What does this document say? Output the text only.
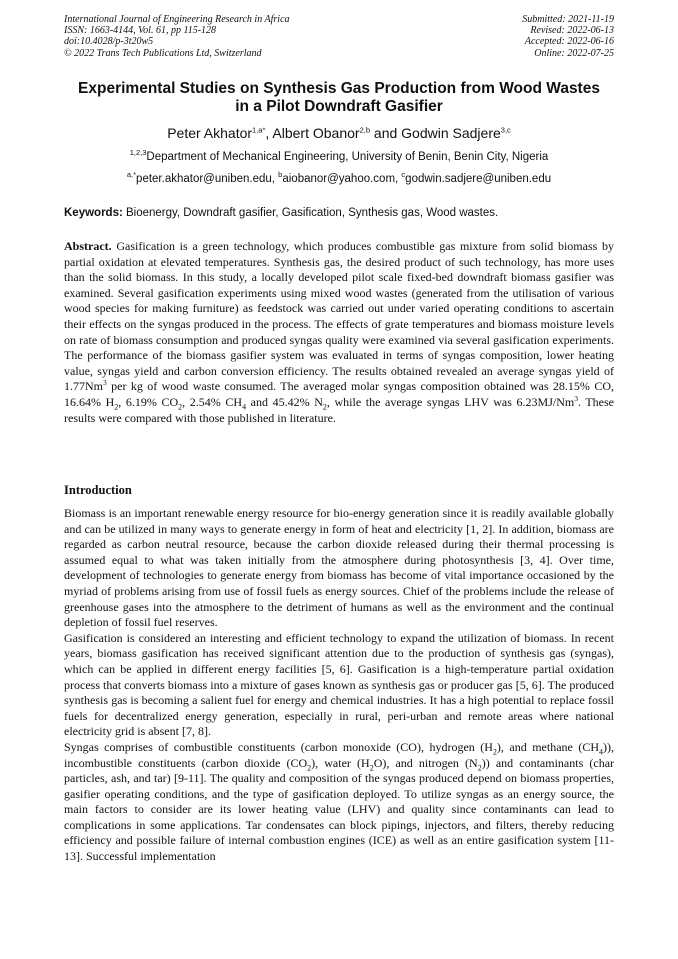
International Journal of Engineering Research in Africa
ISSN: 1663-4144, Vol. 61, pp 115-128
doi:10.4028/p-3t20w5
© 2022 Trans Tech Publications Ltd, Switzerland
Submitted: 2021-11-19
Revised: 2022-06-13
Accepted: 2022-06-16
Online: 2022-07-25
Experimental Studies on Synthesis Gas Production from Wood Wastes
in a Pilot Downdraft Gasifier
Peter Akhator$^{1,a*}$, Albert Obanor$^{2,b}$ and Godwin Sadjere$^{3,c}$
$^{1,2,3}$Department of Mechanical Engineering, University of Benin, Benin City, Nigeria
$^{a,*}$peter.akhator@uniben.edu, $^b$aiobanor@yahoo.com, $^c$godwin.sadjere@uniben.edu
Keywords: Bioenergy, Downdraft gasifier, Gasification, Synthesis gas, Wood wastes.
Abstract. Gasification is a green technology, which produces combustible gas mixture from solid biomass by partial oxidation at elevated temperatures. Synthesis gas, the desired product of such technology, has more uses than the solid biomass. In this study, a locally developed pilot scale fixed-bed downdraft biomass gasifier was examined. Several gasification experiments using mixed wood wastes (generated from the utilisation of various wood species for making furniture) as feedstock was carried out under varied operating conditions to ascertain their effects on the syngas produced in the process. The effects of grate temperatures and biomass moisture levels on rate of biomass consumption and produced syngas quality were examined via several gasification experiments. The performance of the biomass gasifier system was evaluated in terms of syngas composition, lower heating value, syngas yield and carbon conversion efficiency. The results obtained revealed an average syngas yield of 1.77Nm$^3$ per kg of wood waste consumed. The averaged molar syngas composition obtained was 28.15% CO, 16.64% $H_2$, 6.19% $CO_2$, 2.54% $CH_4$ and 45.42% $N_2$, while the average syngas LHV was 6.23MJ/Nm$^3$. These results were compared with those published in literature.
Introduction

Biomass is an important renewable energy resource for bio-energy generation since it is readily available globally and can be utilized in many ways to generate energy in form of heat and electricity [1, 2]. In addition, biomass are regarded as carbon neutral resource, because the carbon dioxide released during their thermal processing is assumed equal to what was taken initially from the atmosphere during photosynthesis [3, 4]. Over time, development of technologies to generate energy from biomass has become of vital importance occasioned by the myriad of problems arising from use of fossil fuels as energy sources. Chief of the problems include the release of greenhouse gases into the atmosphere to the detriment of humans as well as the environment and the continual depletion of fossil fuel reserves.

Gasification is considered an interesting and efficient technology to expand the utilization of biomass. In recent years, biomass gasification has received significant attention due to the production of synthesis gas (syngas), which can be applied in different energy facilities [5, 6]. Gasification is a high-temperature partial oxidation process that converts biomass into a mixture of gases known as synthesis gas or producer gas [5, 6]. The produced synthesis gas is becoming a salient fuel for energy and chemical industries. It has a high potential to replace fossil fuels for decentralized energy generation, especially in rural, peri-urban and remote areas where national electricity grid is absent [7, 8].

Syngas comprises of combustible constituents (carbon monoxide (CO), hydrogen $(H_2)$, and methane $(CH_4)$), incombustible constituents (carbon dioxide $(CO_2)$, water $(H_2O)$, and nitrogen $(N_2)$) and contaminants (char particles, ash, and tar) [9-11]. The quality and composition of the syngas produced depend on biomass properties, gasifier operating conditions, and the type of gasification deployed. To utilize syngas as an energy source, the main factors to consider are its lower heating value (LHV) and quality since contaminants can lead to complications in some applications. Tar condensates can block pipings, injectors, and filters, thereby reducing efficiency and possible failure of internal combustion engines (ICE) as well as an entire gasification system [11-13]. Successful implementation
